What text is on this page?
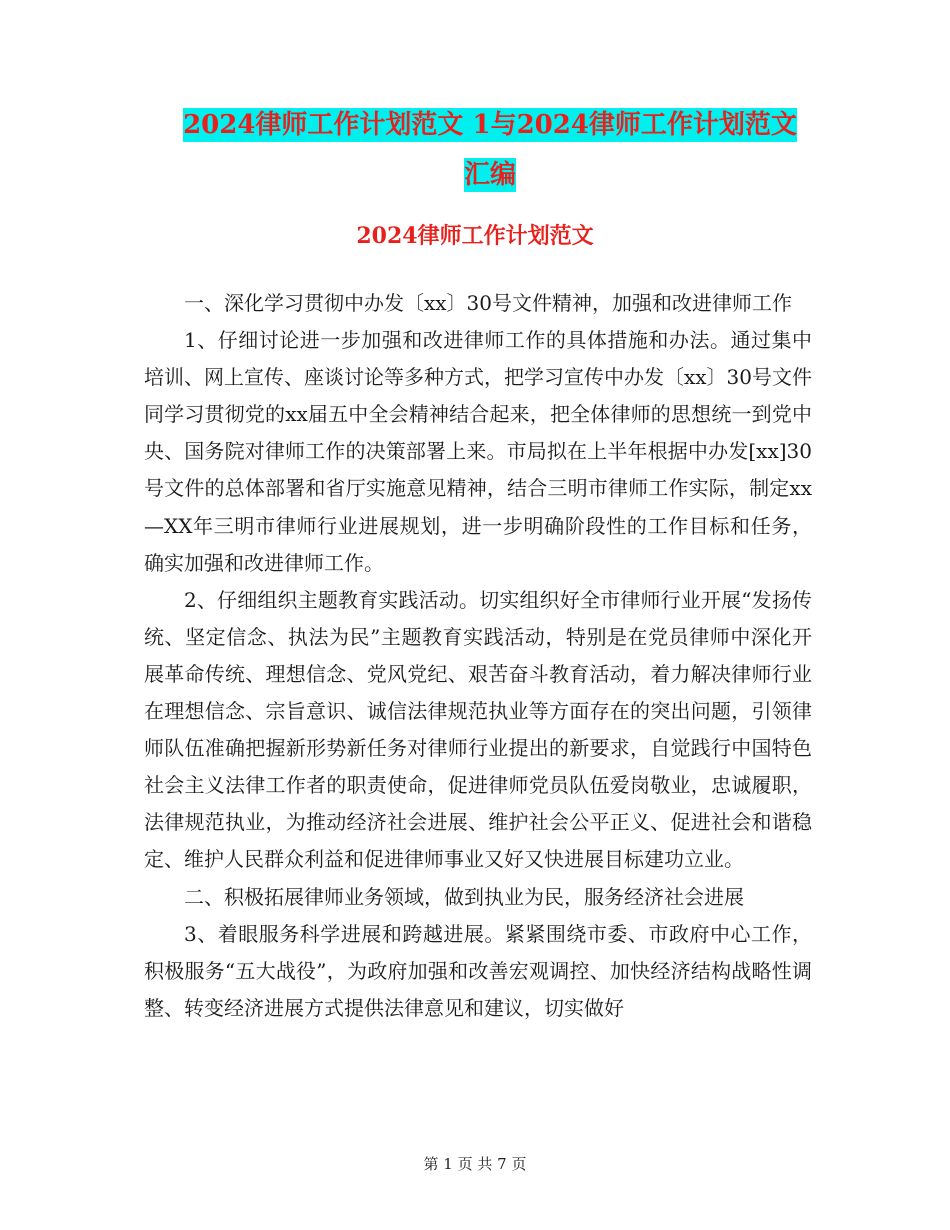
2024律师工作计划范文 1与2024律师工作计划范文
汇编
2024律师工作计划范文

一、深化学习贯彻中办发〔xx〕30号文件精神，加强和改进律师工作

1、仔细讨论进一步加强和改进律师工作的具体措施和办法。通过集中培训、网上宣传、座谈讨论等多种方式，把学习宣传中办发〔xx〕30号文件同学习贯彻党的xx届五中全会精神结合起来，把全体律师的思想统一到党中央、国务院对律师工作的决策部署上来。市局拟在上半年根据中办发[xx]30号文件的总体部署和省厅实施意见精神，结合三明市律师工作实际，制定xx—XX年三明市律师行业进展规划，进一步明确阶段性的工作目标和任务，确实加强和改进律师工作。

2、仔细组织主题教育实践活动。切实组织好全市律师行业开展“发扬传统、坚定信念、执法为民”主题教育实践活动，特别是在党员律师中深化开展革命传统、理想信念、党风党纪、艰苦奋斗教育活动，着力解决律师行业在理想信念、宗旨意识、诚信法律规范执业等方面存在的突出问题，引领律师队伍准确把握新形势新任务对律师行业提出的新要求，自觉践行中国特色社会主义法律工作者的职责使命，促进律师党员队伍爱岗敬业，忠诚履职，法律规范执业，为推动经济社会进展、维护社会公平正义、促进社会和谐稳定、维护人民群众利益和促进律师事业又好又快进展目标建功立业。

二、积极拓展律师业务领域，做到执业为民，服务经济社会进展

3、着眼服务科学进展和跨越进展。紧紧围绕市委、市政府中心工作，积极服务“五大战役”，为政府加强和改善宏观调控、加快经济结构战略性调整、转变经济进展方式提供法律意见和建议，切实做好

第 1 页 共 7 页
